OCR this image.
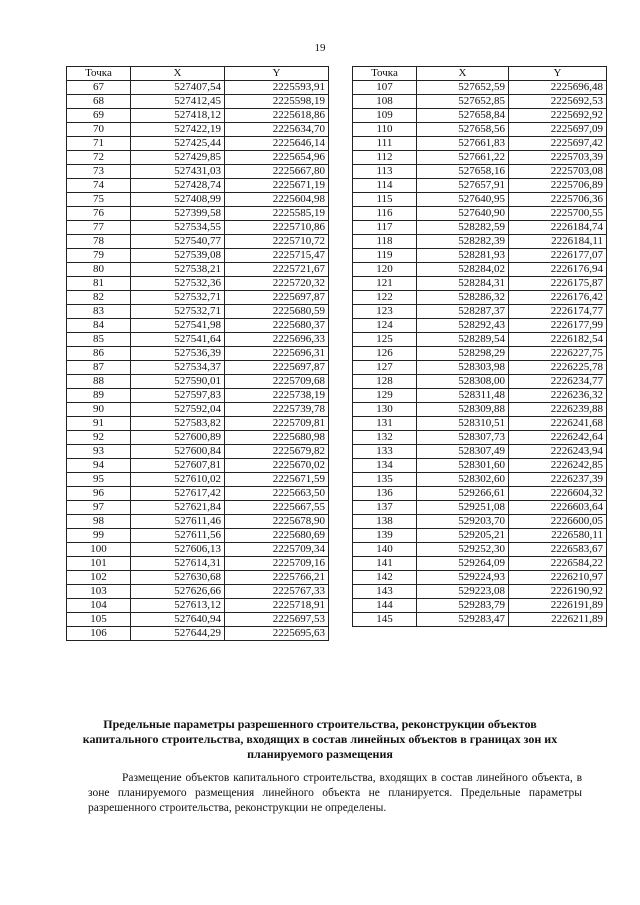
19
Точка	X	Y
67	527407,54	2225593,91
68	527412,45	2225598,19
69	527418,12	2225618,86
70	527422,19	2225634,70
71	527425,44	2225646,14
72	527429,85	2225654,96
73	527431,03	2225667,80
74	527428,74	2225671,19
75	527408,99	2225604,98
76	527399,58	2225585,19
77	527534,55	2225710,86
78	527540,77	2225710,72
79	527539,08	2225715,47
80	527538,21	2225721,67
81	527532,36	2225720,32
82	527532,71	2225697,87
83	527532,71	2225680,59
84	527541,98	2225680,37
85	527541,64	2225696,33
86	527536,39	2225696,31
87	527534,37	2225697,87
88	527590,01	2225709,68
89	527597,83	2225738,19
90	527592,04	2225739,78
91	527583,82	2225709,81
92	527600,89	2225680,98
93	527600,84	2225679,82
94	527607,81	2225670,02
95	527610,02	2225671,59
96	527617,42	2225663,50
97	527621,84	2225667,55
98	527611,46	2225678,90
99	527611,56	2225680,69
100	527606,13	2225709,34
101	527614,31	2225709,16
102	527630,68	2225766,21
103	527626,66	2225767,33
104	527613,12	2225718,91
105	527640,94	2225697,53
106	527644,29	2225695,63
Точка	X	Y
107	527652,59	2225696,48
108	527652,85	2225692,53
109	527658,84	2225692,92
110	527658,56	2225697,09
111	527661,83	2225697,42
112	527661,22	2225703,39
113	527658,16	2225703,08
114	527657,91	2225706,89
115	527640,95	2225706,36
116	527640,90	2225700,55
117	528282,59	2226184,74
118	528282,39	2226184,11
119	528281,93	2226177,07
120	528284,02	2226176,94
121	528284,31	2226175,87
122	528286,32	2226176,42
123	528287,37	2226174,77
124	528292,43	2226177,99
125	528289,54	2226182,54
126	528298,29	2226227,75
127	528303,98	2226225,78
128	528308,00	2226234,77
129	528311,48	2226236,32
130	528309,88	2226239,88
131	528310,51	2226241,68
132	528307,73	2226242,64
133	528307,49	2226243,94
134	528301,60	2226242,85
135	528302,60	2226237,39
136	529266,61	2226604,32
137	529251,08	2226603,64
138	529203,70	2226600,05
139	529205,21	2226580,11
140	529252,30	2226583,67
141	529264,09	2226584,22
142	529224,93	2226210,97
143	529223,08	2226190,92
144	529283,79	2226191,89
145	529283,47	2226211,89
Предельные параметры разрешенного строительства, реконструкции объектов капитального строительства, входящих в состав линейных объектов в границах зон их планируемого размещения
Размещение объектов капитального строительства, входящих в состав линейного объекта, в зоне планируемого размещения линейного объекта не планируется. Предельные параметры разрешенного строительства, реконструкции не определены.
